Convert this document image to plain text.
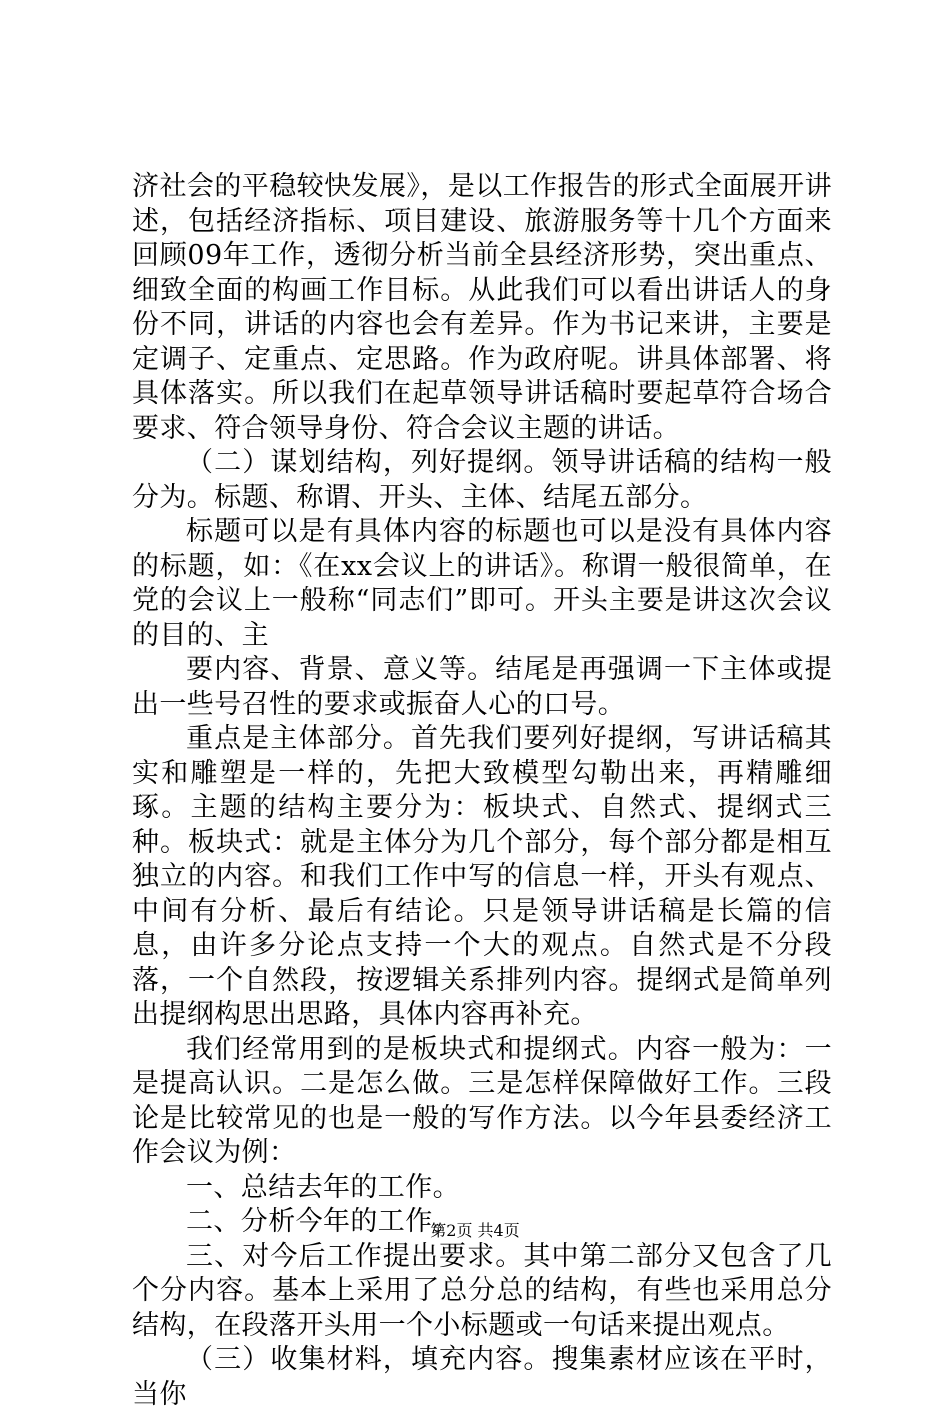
济社会的平稳较快发展》，是以工作报告的形式全面展开讲述，包括经济指标、项目建设、旅游服务等十几个方面来回顾09年工作，透彻分析当前全县经济形势，突出重点、细致全面的构画工作目标。从此我们可以看出讲话人的身份不同，讲话的内容也会有差异。作为书记来讲，主要是定调子、定重点、定思路。作为政府呢。讲具体部署、将具体落实。所以我们在起草领导讲话稿时要起草符合场合要求、符合领导身份、符合会议主题的讲话。

（二）谋划结构，列好提纲。领导讲话稿的结构一般分为。标题、称谓、开头、主体、结尾五部分。

标题可以是有具体内容的标题也可以是没有具体内容的标题，如：《在xx会议上的讲话》。称谓一般很简单，在党的会议上一般称“同志们”即可。开头主要是讲这次会议的目的、主

要内容、背景、意义等。结尾是再强调一下主体或提出一些号召性的要求或振奋人心的口号。

重点是主体部分。首先我们要列好提纲，写讲话稿其实和雕塑是一样的，先把大致模型勾勒出来，再精雕细琢。主题的结构主要分为：板块式、自然式、提纲式三种。板块式：就是主体分为几个部分，每个部分都是相互独立的内容。和我们工作中写的信息一样，开头有观点、中间有分析、最后有结论。只是领导讲话稿是长篇的信息，由许多分论点支持一个大的观点。自然式是不分段落，一个自然段，按逻辑关系排列内容。提纲式是简单列出提纲构思出思路，具体内容再补充。

我们经常用到的是板块式和提纲式。内容一般为：一是提高认识。二是怎么做。三是怎样保障做好工作。三段论是比较常见的也是一般的写作方法。以今年县委经济工作会议为例：

一、总结去年的工作。

二、分析今年的工作。

三、对今后工作提出要求。其中第二部分又包含了几个分内容。基本上采用了总分总的结构，有些也采用总分结构，在段落开头用一个小标题或一句话来提出观点。

（三）收集材料，填充内容。搜集素材应该在平时，当你

第2页 共4页
